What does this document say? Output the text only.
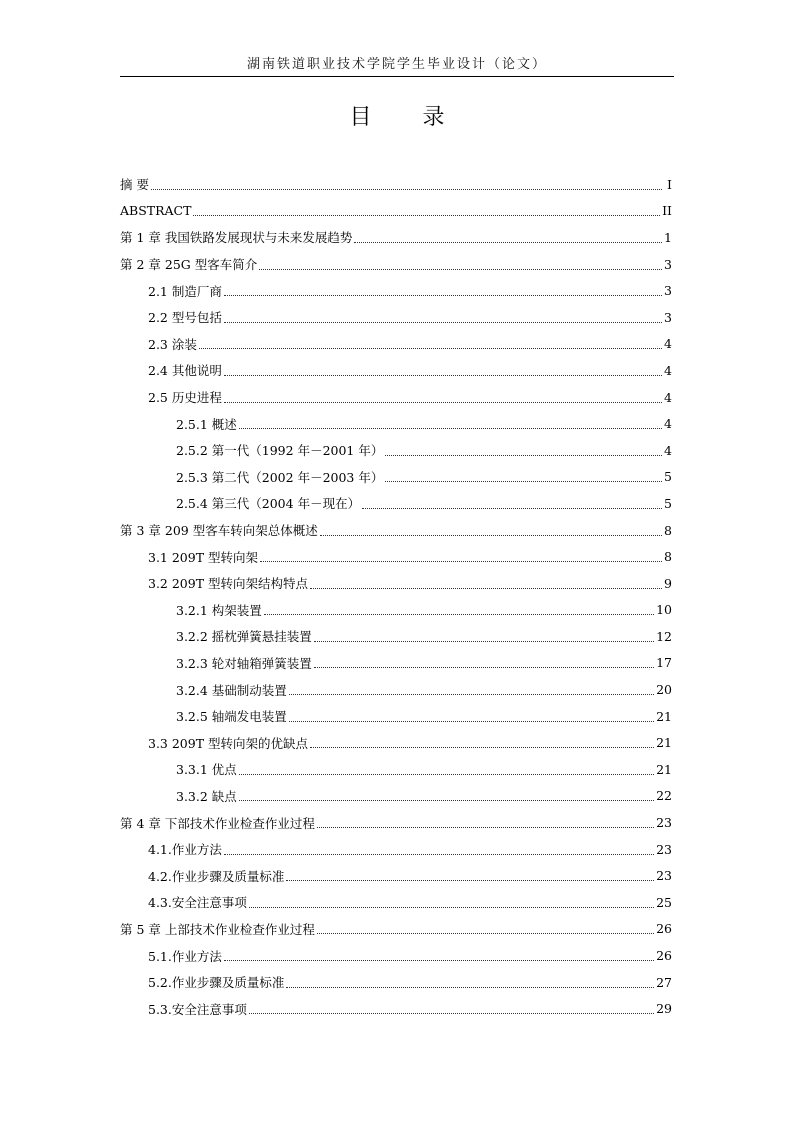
湖南铁道职业技术学院学生毕业设计（论文）
目 录
摘 要	I
ABSTRACT	II
第 1 章 我国铁路发展现状与未来发展趋势	1
第 2 章 25G 型客车简介	3
2.1 制造厂商	3
2.2 型号包括	3
2.3 涂装	4
2.4 其他说明	4
2.5 历史进程	4
2.5.1 概述	4
2.5.2 第一代（1992 年－2001 年）	4
2.5.3 第二代（2002 年－2003 年）	5
2.5.4 第三代（2004 年－现在）	5
第 3 章 209 型客车转向架总体概述	8
3.1 209T 型转向架	8
3.2 209T 型转向架结构特点	9
3.2.1 构架装置	10
3.2.2 摇枕弹簧悬挂装置	12
3.2.3 轮对轴箱弹簧装置	17
3.2.4 基础制动装置	20
3.2.5 轴端发电装置	21
3.3 209T 型转向架的优缺点	21
3.3.1 优点	21
3.3.2 缺点	22
第 4 章 下部技术作业检查作业过程	23
4.1.作业方法	23
4.2.作业步骤及质量标准	23
4.3.安全注意事项	25
第 5 章 上部技术作业检查作业过程	26
5.1.作业方法	26
5.2.作业步骤及质量标准	27
5.3.安全注意事项	29
